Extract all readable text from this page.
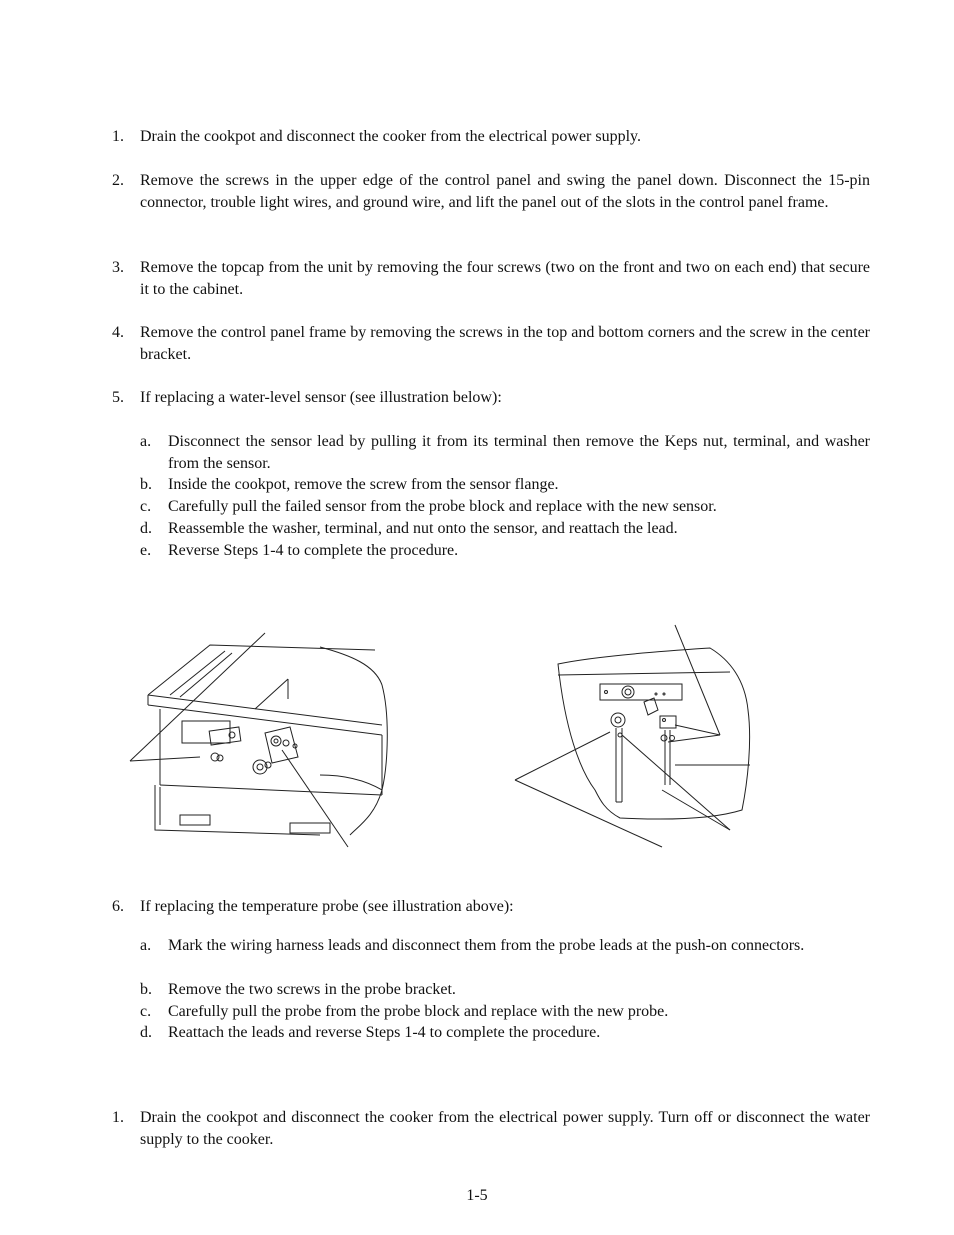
1. Drain the cookpot and disconnect the cooker from the electrical power supply.
2. Remove the screws in the upper edge of the control panel and swing the panel down. Disconnect the 15-pin connector, trouble light wires, and ground wire, and lift the panel out of the slots in the control panel frame.
3. Remove the topcap from the unit by removing the four screws (two on the front and two on each end) that secure it to the cabinet.
4. Remove the control panel frame by removing the screws in the top and bottom corners and the screw in the center bracket.
5. If replacing a water-level sensor (see illustration below):
a. Disconnect the sensor lead by pulling it from its terminal then remove the Keps nut, terminal, and washer from the sensor.
b. Inside the cookpot, remove the screw from the sensor flange.
c. Carefully pull the failed sensor from the probe block and replace with the new sensor.
d. Reassemble the washer, terminal, and nut onto the sensor, and reattach the lead.
e. Reverse Steps 1-4 to complete the procedure.
6. If replacing the temperature probe (see illustration above):
a. Mark the wiring harness leads and disconnect them from the probe leads at the push-on connectors.
b. Remove the two screws in the probe bracket.
c. Carefully pull the probe from the probe block and replace with the new probe.
d. Reattach the leads and reverse Steps 1-4 to complete the procedure.
1. Drain the cookpot and disconnect the cooker from the electrical power supply. Turn off or disconnect the water supply to the cooker.
1-5
